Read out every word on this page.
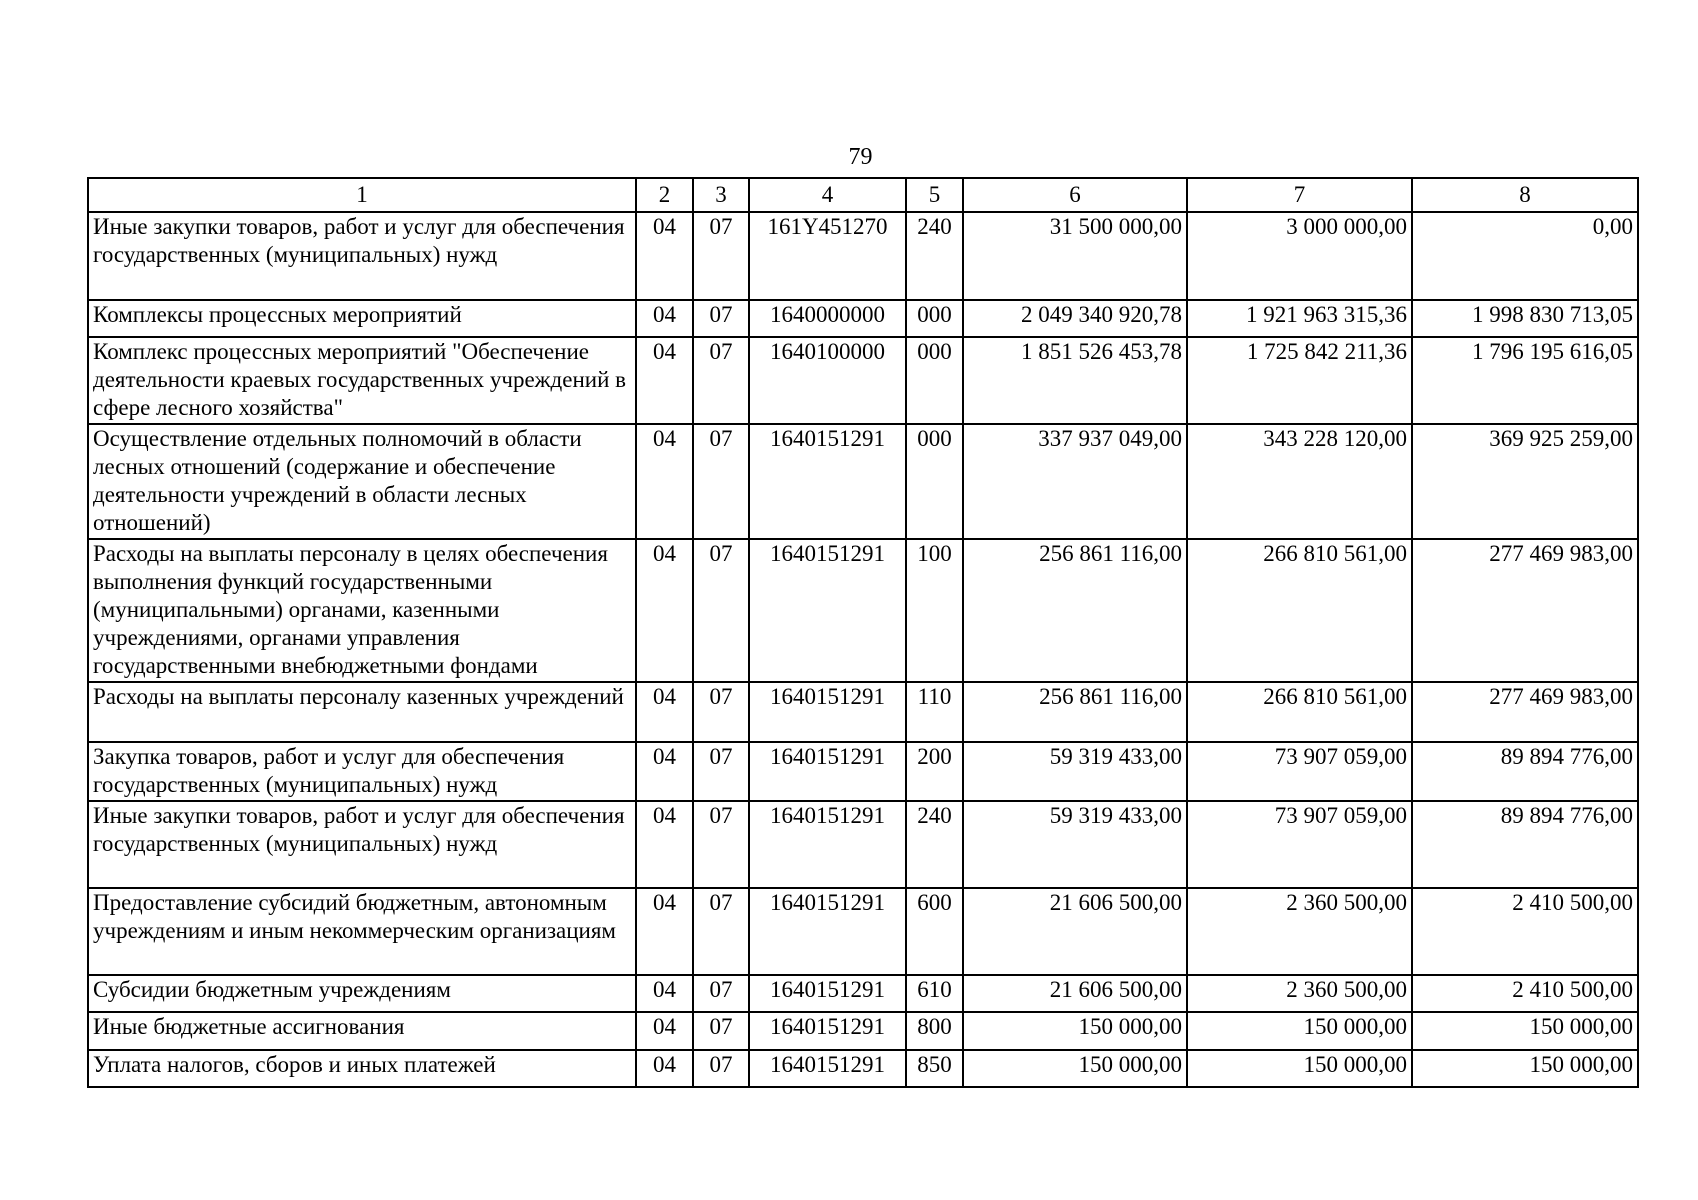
79
1	2	3	4	5	6	7	8
Иные закупки товаров, работ и услуг для обеспечения государственных (муниципальных) нужд	04	07	161Y451270	240	31 500 000,00	3 000 000,00	0,00
Комплексы процессных мероприятий	04	07	1640000000	000	2 049 340 920,78	1 921 963 315,36	1 998 830 713,05
Комплекс процессных мероприятий "Обеспечение деятельности краевых государственных учреждений в сфере лесного хозяйства"	04	07	1640100000	000	1 851 526 453,78	1 725 842 211,36	1 796 195 616,05
Осуществление отдельных полномочий в области лесных отношений (содержание и обеспечение деятельности учреждений в области лесных отношений)	04	07	1640151291	000	337 937 049,00	343 228 120,00	369 925 259,00
Расходы на выплаты персоналу в целях обеспечения выполнения функций государственными (муниципальными) органами, казенными учреждениями, органами управления государственными внебюджетными фондами	04	07	1640151291	100	256 861 116,00	266 810 561,00	277 469 983,00
Расходы на выплаты персоналу казенных учреждений	04	07	1640151291	110	256 861 116,00	266 810 561,00	277 469 983,00
Закупка товаров, работ и услуг для обеспечения государственных (муниципальных) нужд	04	07	1640151291	200	59 319 433,00	73 907 059,00	89 894 776,00
Иные закупки товаров, работ и услуг для обеспечения государственных (муниципальных) нужд	04	07	1640151291	240	59 319 433,00	73 907 059,00	89 894 776,00
Предоставление субсидий бюджетным, автономным учреждениям и иным некоммерческим организациям	04	07	1640151291	600	21 606 500,00	2 360 500,00	2 410 500,00
Субсидии бюджетным учреждениям	04	07	1640151291	610	21 606 500,00	2 360 500,00	2 410 500,00
Иные бюджетные ассигнования	04	07	1640151291	800	150 000,00	150 000,00	150 000,00
Уплата налогов, сборов и иных платежей	04	07	1640151291	850	150 000,00	150 000,00	150 000,00
